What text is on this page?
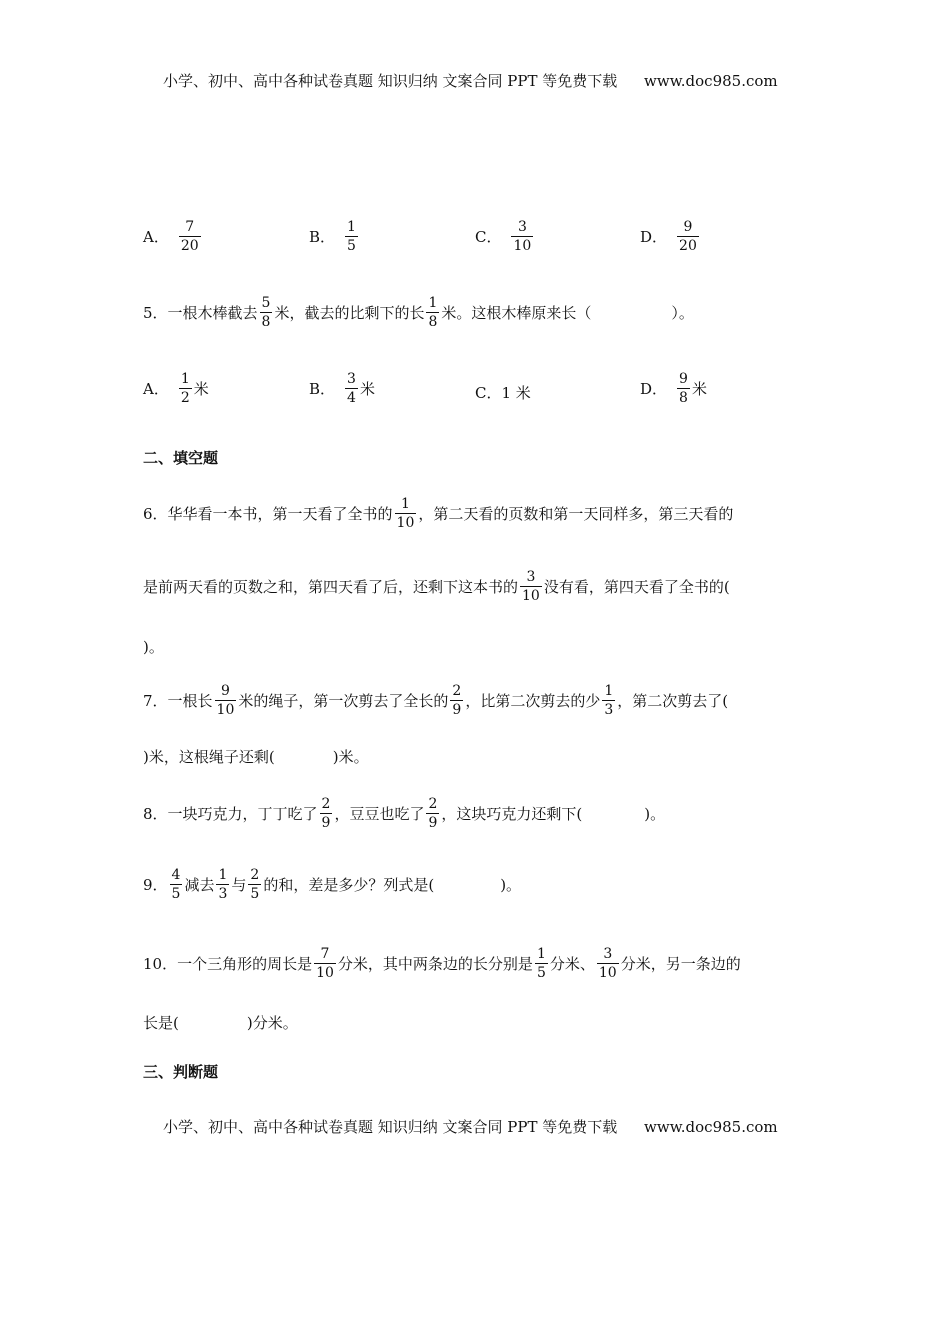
小学、初中、高中各种试卷真题 知识归纳 文案合同 PPT 等免费下载 www.doc985.com
A． $\frac{7}{20}$	B． $\frac{1}{5}$	C． $\frac{3}{10}$	D． $\frac{9}{20}$
5．一根木棒截去 $\frac{5}{8}$ 米，截去的比剩下的长 $\frac{1}{8}$ 米。这根木棒原来长（	）。
A． $\frac{1}{2}$ 米	B． $\frac{3}{4}$ 米	C． 1 米	D． $\frac{9}{8}$ 米
二、填空题
6．华华看一本书，第一天看了全书的 $\frac{1}{10}$ ，第二天看的页数和第一天同样多，第三天看的
是前两天看的页数之和，第四天看了后，还剩下这本书的 $\frac{3}{10}$ 没有看，第四天看了全书的(
)。
7．一根长 $\frac{9}{10}$ 米的绳子，第一次剪去了全长的 $\frac{2}{9}$ ，比第二次剪去的少 $\frac{1}{3}$ ，第二次剪去了(
)米，这根绳子还剩(	)米。
8．一块巧克力，丁丁吃了 $\frac{2}{9}$ ，豆豆也吃了 $\frac{2}{9}$ ，这块巧克力还剩下(	)。
9． $\frac{4}{5}$ 减去 $\frac{1}{3}$ 与 $\frac{2}{5}$ 的和，差是多少？列式是(	)。
10．一个三角形的周长是 $\frac{7}{10}$ 分米，其中两条边的长分别是 $\frac{1}{5}$ 分米、 $\frac{3}{10}$ 分米，另一条边的
长是(	)分米。
三、判断题
小学、初中、高中各种试卷真题 知识归纳 文案合同 PPT 等免费下载 www.doc985.com
